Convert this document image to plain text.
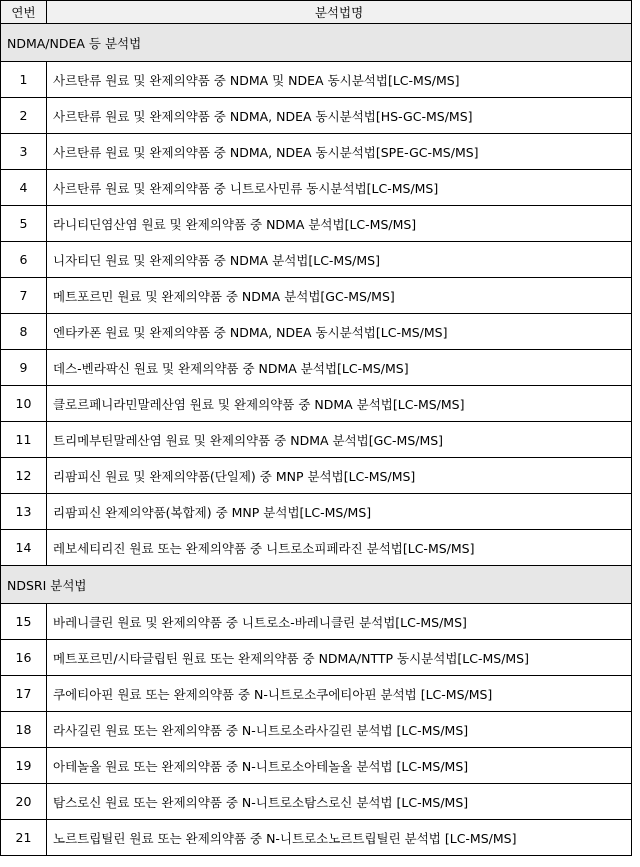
연번	분석법명
NDMA/NDEA 등 분석법	
1	사르탄류 원료 및 완제의약품 중 NDMA 및 NDEA 동시분석법[LC-MS/MS]
2	사르탄류 원료 및 완제의약품 중 NDMA, NDEA 동시분석법[HS-GC-MS/MS]
3	사르탄류 원료 및 완제의약품 중 NDMA, NDEA 동시분석법[SPE-GC-MS/MS]
4	사르탄류 원료 및 완제의약품 중 니트로사민류 동시분석법[LC-MS/MS]
5	라니티딘염산염 원료 및 완제의약품 중 NDMA 분석법[LC-MS/MS]
6	니자티딘 원료 및 완제의약품 중 NDMA 분석법[LC-MS/MS]
7	메트포르민 원료 및 완제의약품 중 NDMA 분석법[GC-MS/MS]
8	엔타카폰 원료 및 완제의약품 중 NDMA, NDEA 동시분석법[LC-MS/MS]
9	데스-벤라팍신 원료 및 완제의약품 중 NDMA 분석법[LC-MS/MS]
10	클로르페니라민말레산염 원료 및 완제의약품 중 NDMA 분석법[LC-MS/MS]
11	트리메부틴말레산염 원료 및 완제의약품 중 NDMA 분석법[GC-MS/MS]
12	리팜피신 원료 및 완제의약품(단일제) 중 MNP 분석법[LC-MS/MS]
13	리팜피신 완제의약품(복합제) 중 MNP 분석법[LC-MS/MS]
14	레보세티리진 원료 또는 완제의약품 중 니트로소피페라진 분석법[LC-MS/MS]
NDSRI 분석법	
15	바레니클린 원료 및 완제의약품 중 니트로소-바레니클린 분석법[LC-MS/MS]
16	메트포르민/시타글립틴 원료 또는 완제의약품 중 NDMA/NTTP 동시분석법[LC-MS/MS]
17	쿠에티아핀 원료 또는 완제의약품 중 N-니트로소쿠에티아핀 분석법 [LC-MS/MS]
18	라사길린 원료 또는 완제의약품 중 N-니트로소라사길린 분석법 [LC-MS/MS]
19	아테놀올 원료 또는 완제의약품 중 N-니트로소아테놀올 분석법 [LC-MS/MS]
20	탐스로신 원료 또는 완제의약품 중 N-니트로소탐스로신 분석법 [LC-MS/MS]
21	노르트립틸린 원료 또는 완제의약품 중 N-니트로소노르트립틸린 분석법 [LC-MS/MS]
